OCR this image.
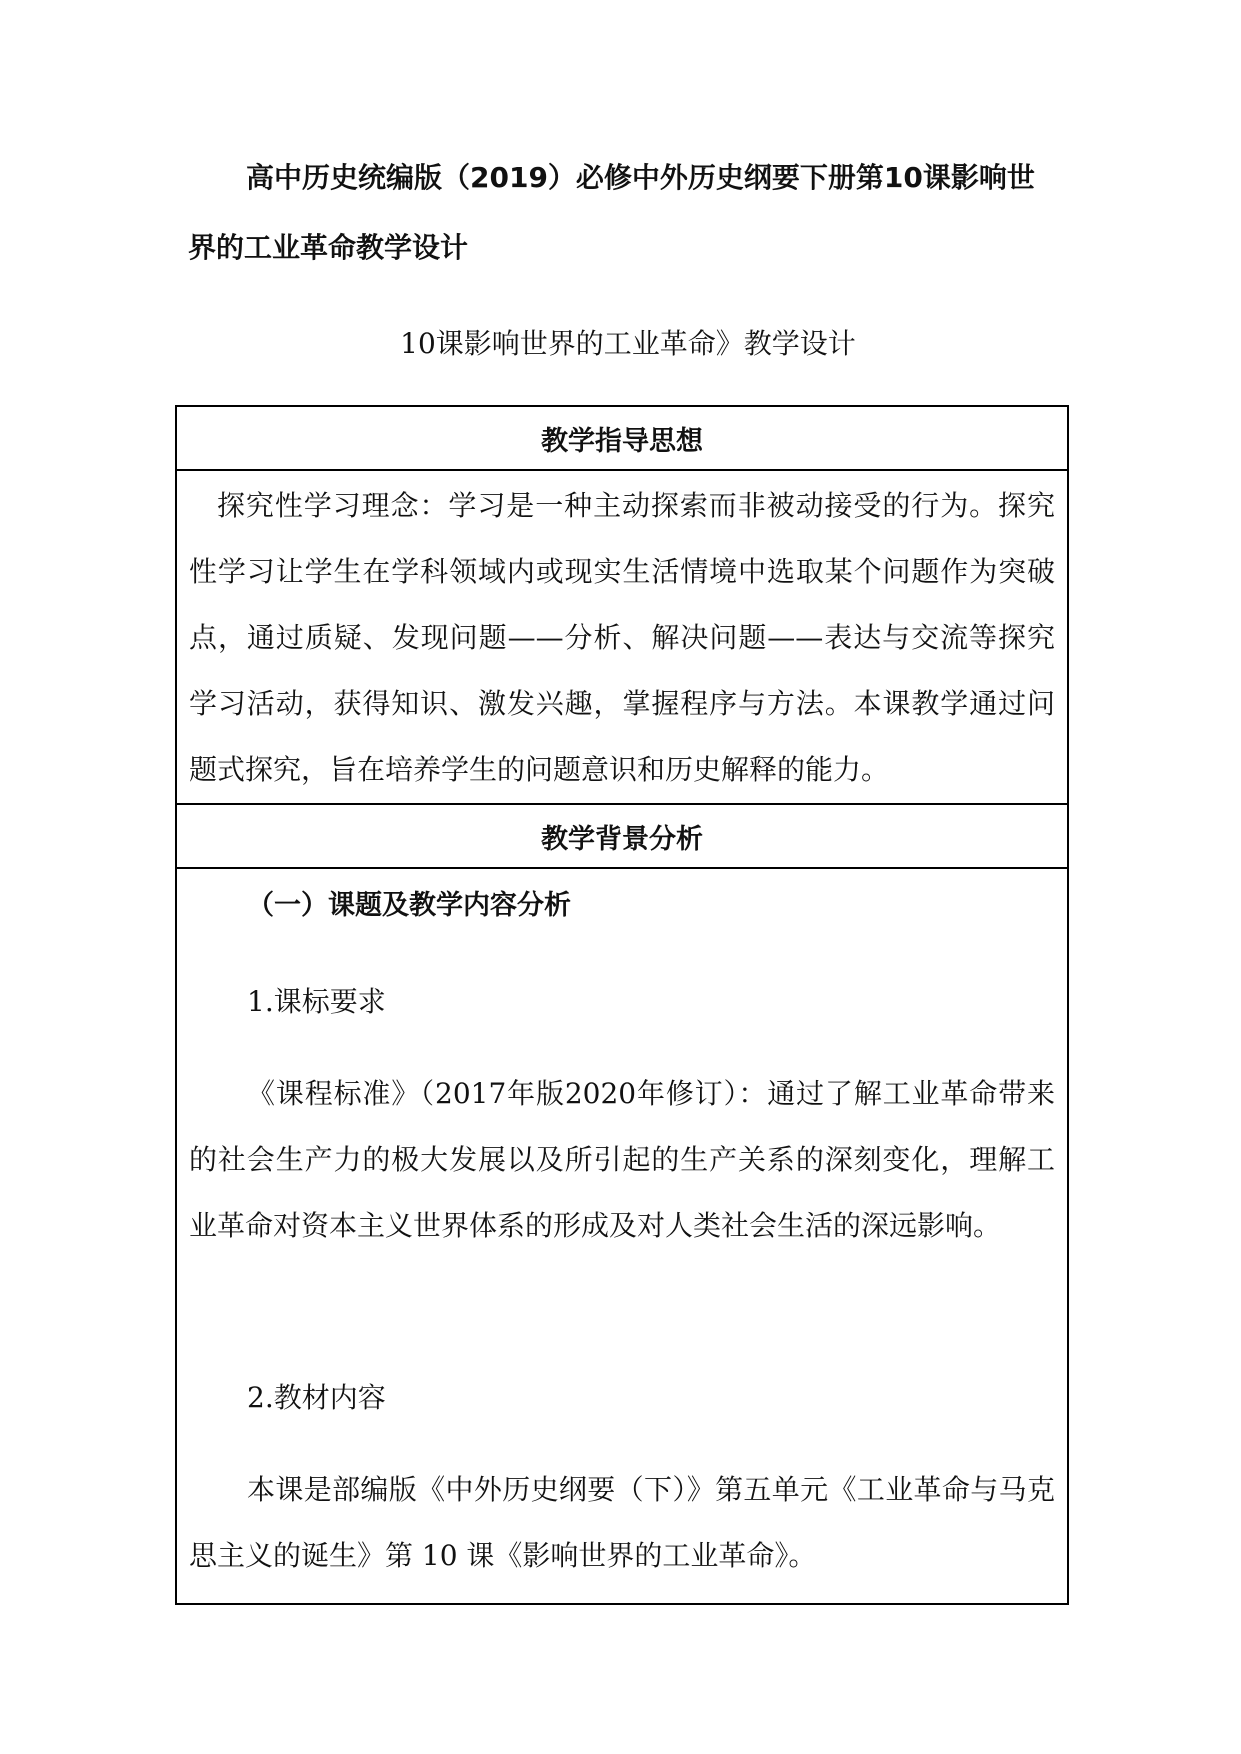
高中历史统编版（2019）必修中外历史纲要下册第10课影响世
界的工业革命教学设计
10课影响世界的工业革命》教学设计
教学指导思想

探究性学习理念：学习是一种主动探索而非被动接受的行为。探究性学习让学生在学科领域内或现实生活情境中选取某个问题作为突破点，通过质疑、发现问题——分析、解决问题——表达与交流等探究学习活动，获得知识、激发兴趣，掌握程序与方法。本课教学通过问题式探究，旨在培养学生的问题意识和历史解释的能力。

教学背景分析

（一）课题及教学内容分析

1.课标要求

《课程标准》（2017年版2020年修订）：通过了解工业革命带来的社会生产力的极大发展以及所引起的生产关系的深刻变化，理解工业革命对资本主义世界体系的形成及对人类社会生活的深远影响。

2.教材内容

本课是部编版《中外历史纲要（下）》第五单元《工业革命与马克思主义的诞生》第 10 课《影响世界的工业革命》。
